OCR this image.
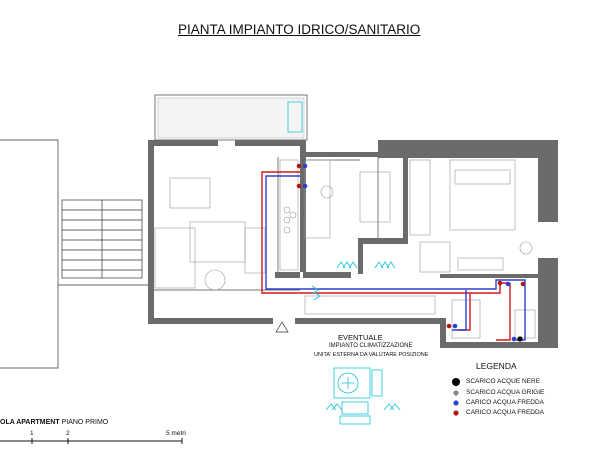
PIANTA IMPIANTO IDRICO/SANITARIO
EVENTUALE
IMPIANTO CLIMATIZZAZIONE
UNITA' ESTERNA DA VALUTARE POSIZIONE
LEGENDA
SCARICO ACQUE NERE
SCARICO ACQUA GRIGIE
CARICO ACQUA FREDDA
CARICO ACQUA FREDDA
OLA APARTMENT PIANO PRIMO
1	2	5 metri
